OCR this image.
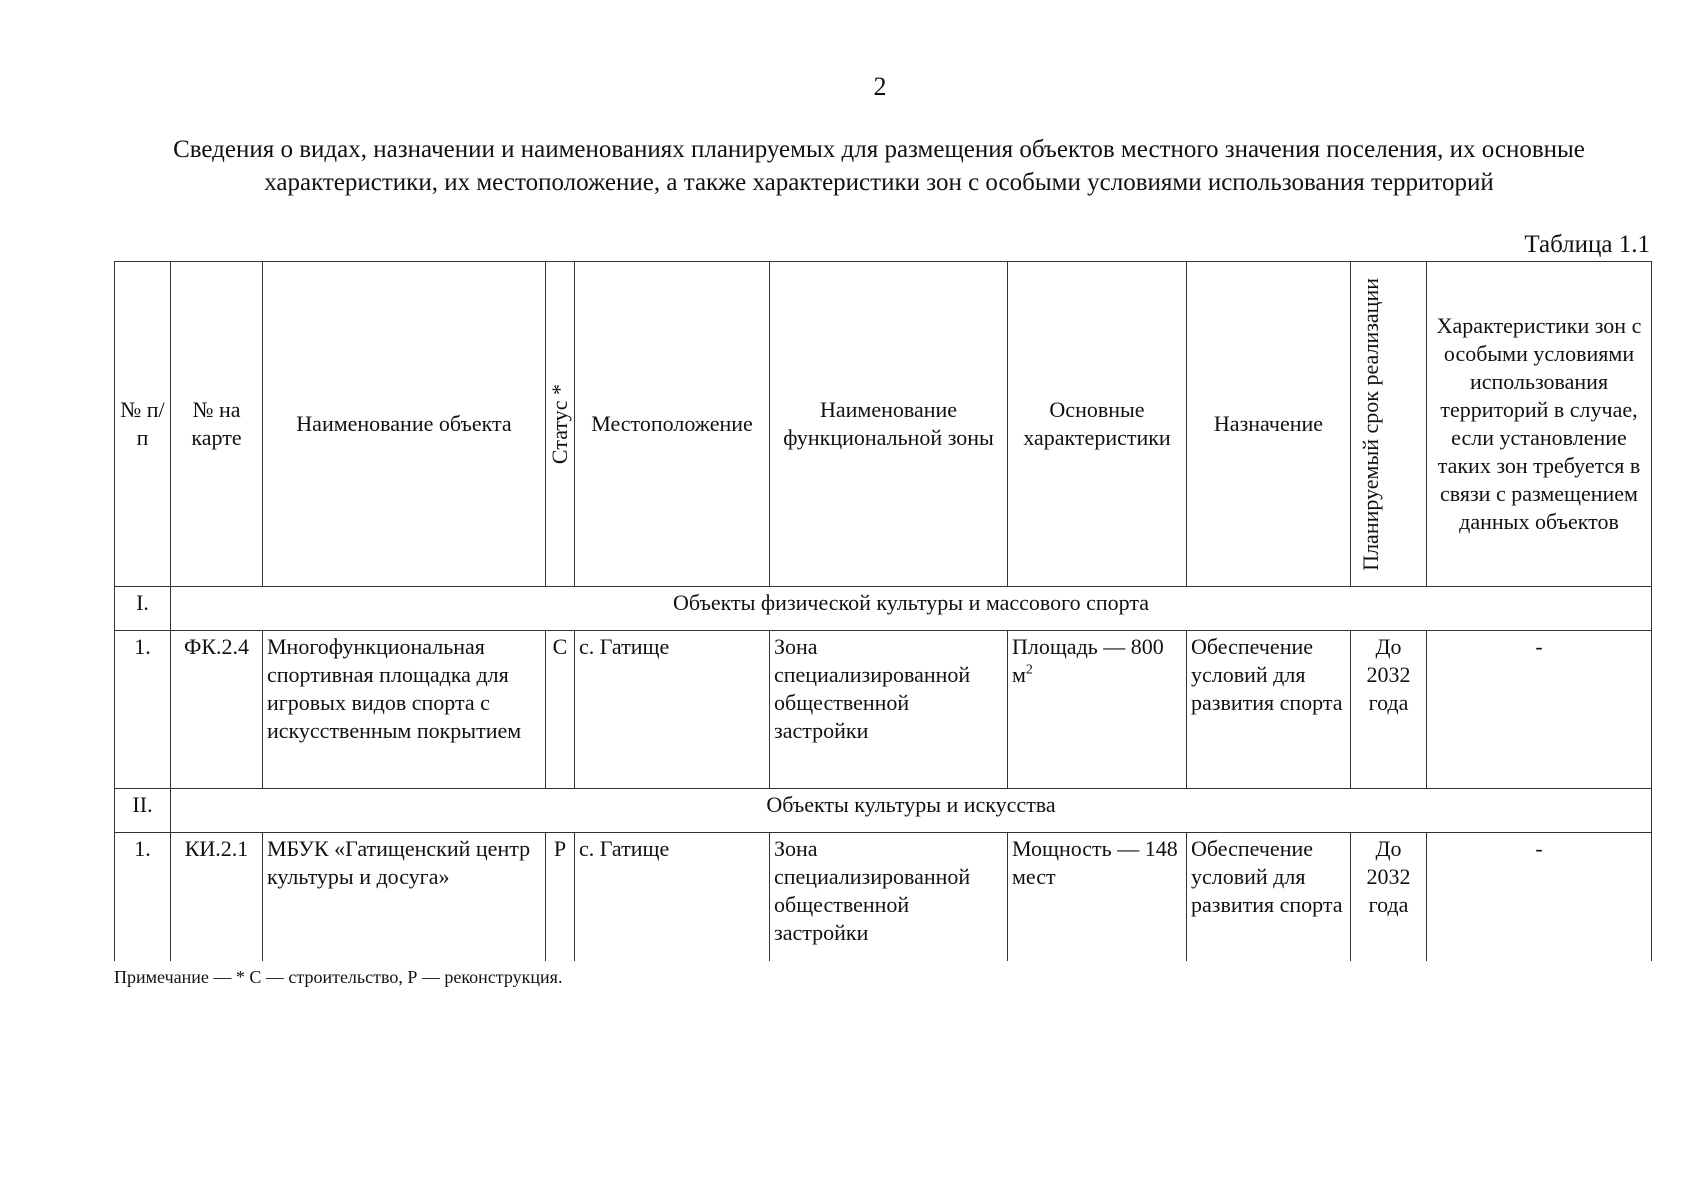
2
Сведения о видах, назначении и наименованиях планируемых для размещения объектов местного значения поселения, их основные характеристики, их местоположение, а также характеристики зон с особыми условиями использования территорий
Таблица 1.1
№ п/п	№ на карте	Наименование объекта	Статус *	Местоположение	Наименование функциональной зоны	Основные характеристики	Назначение	Планируемый срок реализации	Характеристики зон с особыми условиями использования территорий в случае, если установление таких зон требуется в связи с размещением данных объектов
I.	Объекты физической культуры и массового спорта								
1.	ФК.2.4	Многофункциональная спортивная площадка для игровых видов спорта с искусственным покрытием	С	с. Гатище	Зона специализированной общественной застройки	Площадь — 800 $м^2$	Обеспечение условий для развития спорта	До 2032 года	-
II.	Объекты культуры и искусства								
1.	КИ.2.1	МБУК «Гатищенский центр культуры и досуга»	Р	с. Гатище	Зона специализированной общественной застройки	Мощность — 148 мест	Обеспечение условий для развития спорта	До 2032 года	-
Примечание — * С — строительство, Р — реконструкция.
